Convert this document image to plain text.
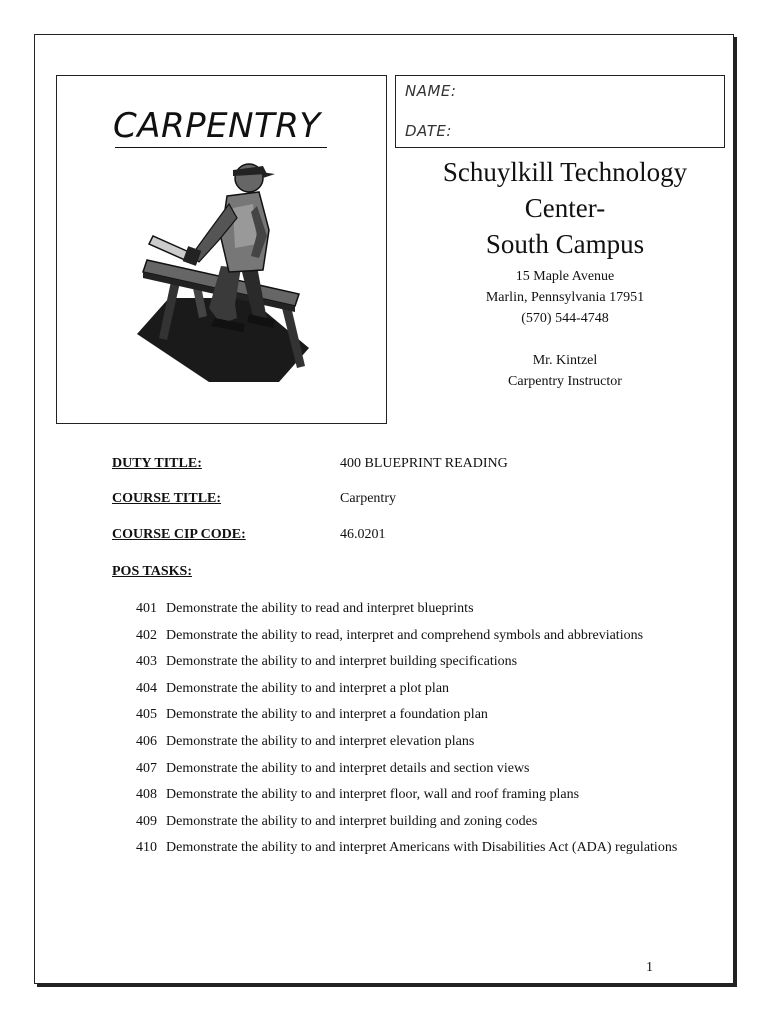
CARPENTRY
NAME:
DATE:
Schuylkill Technology
Center-
South Campus
15 Maple Avenue
Marlin, Pennsylvania 17951
(570) 544-4748
Mr. Kintzel
Carpentry Instructor
DUTY TITLE:	400 BLUEPRINT READING
COURSE TITLE:	Carpentry
COURSE CIP CODE:	46.0201
POS TASKS:
401 Demonstrate the ability to read and interpret blueprints
402 Demonstrate the ability to read, interpret and comprehend symbols and abbreviations
403 Demonstrate the ability to and interpret building specifications
404 Demonstrate the ability to and interpret a plot plan
405 Demonstrate the ability to and interpret a foundation plan
406 Demonstrate the ability to and interpret elevation plans
407 Demonstrate the ability to and interpret details and section views
408 Demonstrate the ability to and interpret floor, wall and roof framing plans
409 Demonstrate the ability to and interpret building and zoning codes
410 Demonstrate the ability to and interpret Americans with Disabilities Act (ADA) regulations
1
